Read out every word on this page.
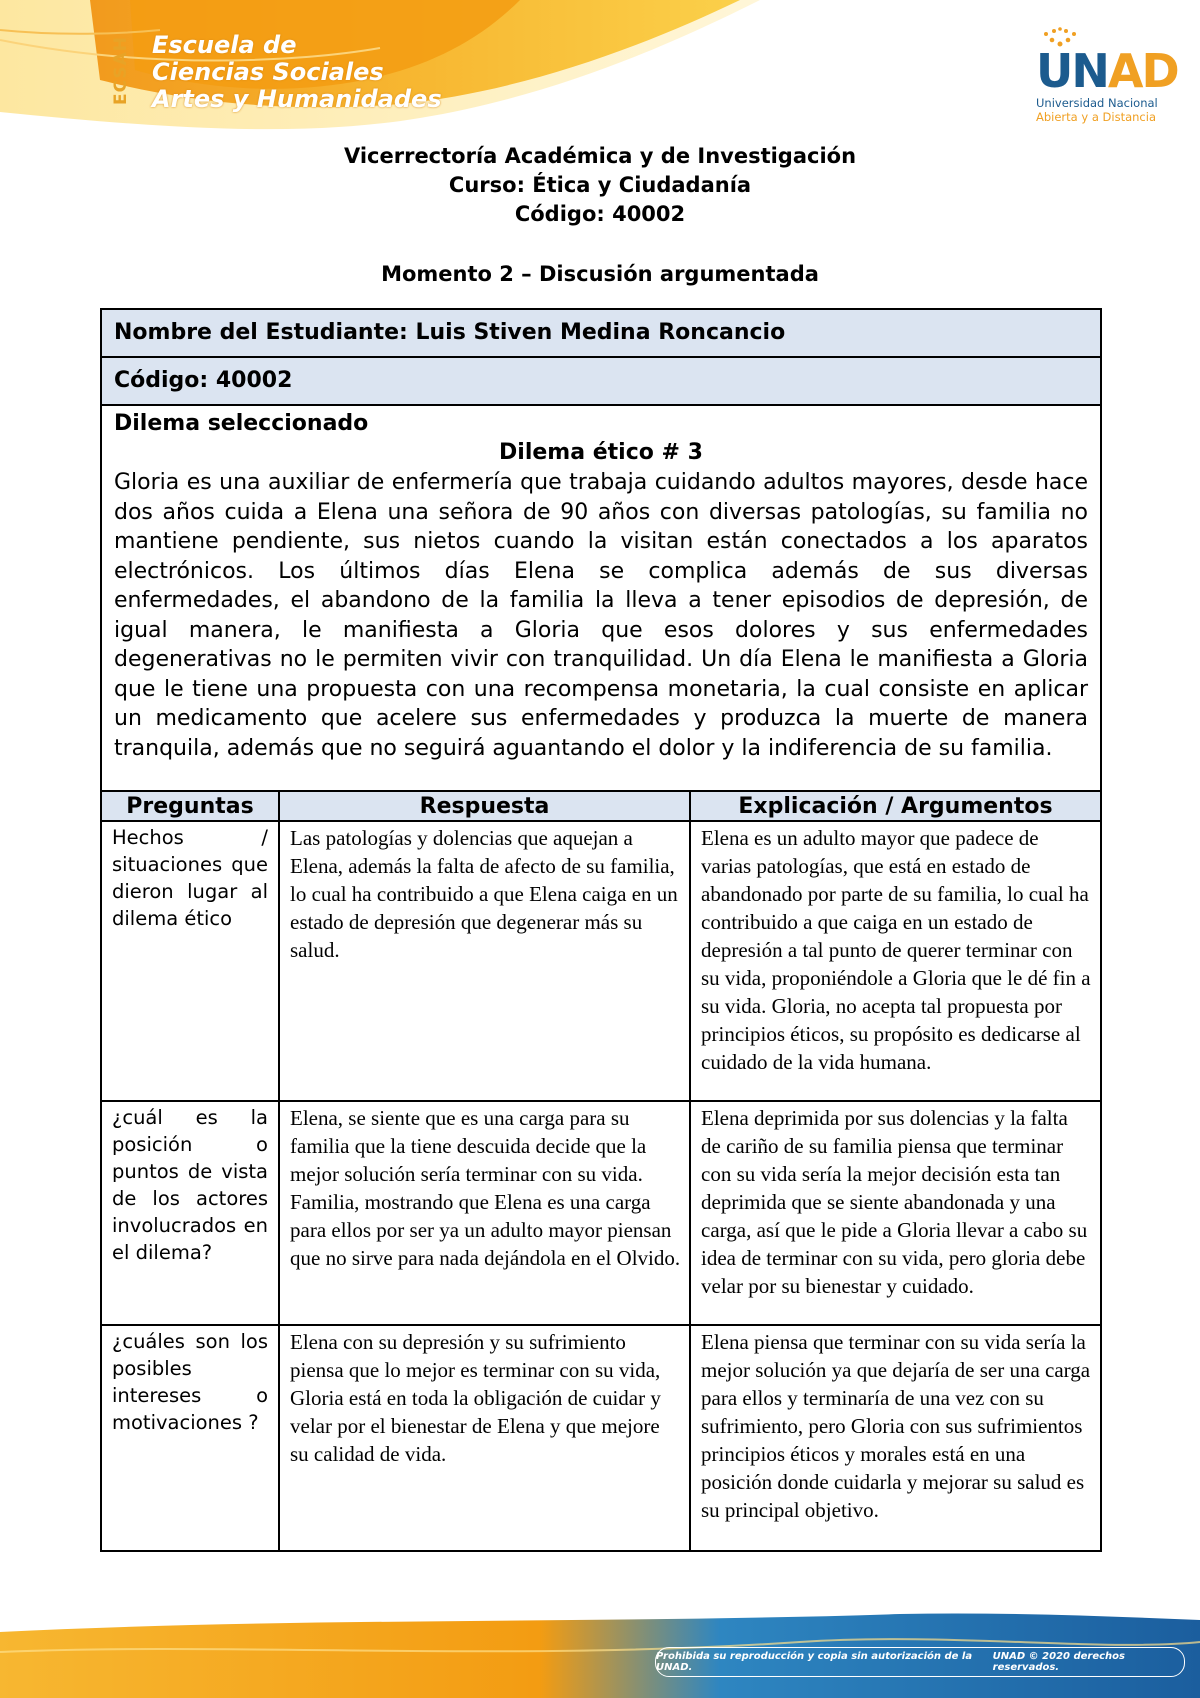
ECSAH Escuela de
Ciencias Sociales
Artes y Humanidades
UNAD
Universidad Nacional
Abierta y a Distancia
Vicerrectoría Académica y de Investigación
Curso: Ética y Ciudadanía
Código: 40002
Momento 2 – Discusión argumentada
Nombre del Estudiante: Luis Stiven Medina Roncancio
Código: 40002
Dilema seleccionado
Dilema ético # 3
Gloria es una auxiliar de enfermería que trabaja cuidando adultos mayores, desde hace dos años cuida a Elena una señora de 90 años con diversas patologías, su familia no mantiene pendiente, sus nietos cuando la visitan están conectados a los aparatos electrónicos. Los últimos días Elena se complica además de sus diversas enfermedades, el abandono de la familia la lleva a tener episodios de depresión, de igual manera, le manifiesta a Gloria que esos dolores y sus enfermedades degenerativas no le permiten vivir con tranquilidad. Un día Elena le manifiesta a Gloria que le tiene una propuesta con una recompensa monetaria, la cual consiste en aplicar un medicamento que acelere sus enfermedades y produzca la muerte de manera tranquila, además que no seguirá aguantando el dolor y la indiferencia de su familia.
Preguntas	Respuesta	Explicación / Argumentos
Hechos / situaciones que dieron lugar al dilema ético
Las patologías y dolencias que aquejan a Elena, además la falta de afecto de su familia, lo cual ha contribuido a que Elena caiga en un estado de depresión que degenerar más su salud.
Elena es un adulto mayor que padece de varias patologías, que está en estado de abandonado por parte de su familia, lo cual ha contribuido a que caiga en un estado de depresión a tal punto de querer terminar con su vida, proponiéndole a Gloria que le dé fin a su vida. Gloria, no acepta tal propuesta por principios éticos, su propósito es dedicarse al cuidado de la vida humana.
¿cuál es la posición o puntos de vista de los actores involucrados en el dilema?
Elena, se siente que es una carga para su familia que la tiene descuida decide que la mejor solución sería terminar con su vida.
Familia, mostrando que Elena es una carga para ellos por ser ya un adulto mayor piensan que no sirve para nada dejándola en el Olvido.
Elena deprimida por sus dolencias y la falta de cariño de su familia piensa que terminar con su vida sería la mejor decisión esta tan deprimida que se siente abandonada y una carga, así que le pide a Gloria llevar a cabo su idea de terminar con su vida, pero gloria debe velar por su bienestar y cuidado.
¿cuáles son los posibles intereses o motivaciones ?
Elena con su depresión y su sufrimiento piensa que lo mejor es terminar con su vida, Gloria está en toda la obligación de cuidar y velar por el bienestar de Elena y que mejore su calidad de vida.
Elena piensa que terminar con su vida sería la mejor solución ya que dejaría de ser una carga para ellos y terminaría de una vez con su sufrimiento, pero Gloria con sus sufrimientos principios éticos y morales está en una posición donde cuidarla y mejorar su salud es su principal objetivo.
Prohibida su reproducción y copia sin autorización de la UNAD.
UNAD © 2020 derechos reservados.
